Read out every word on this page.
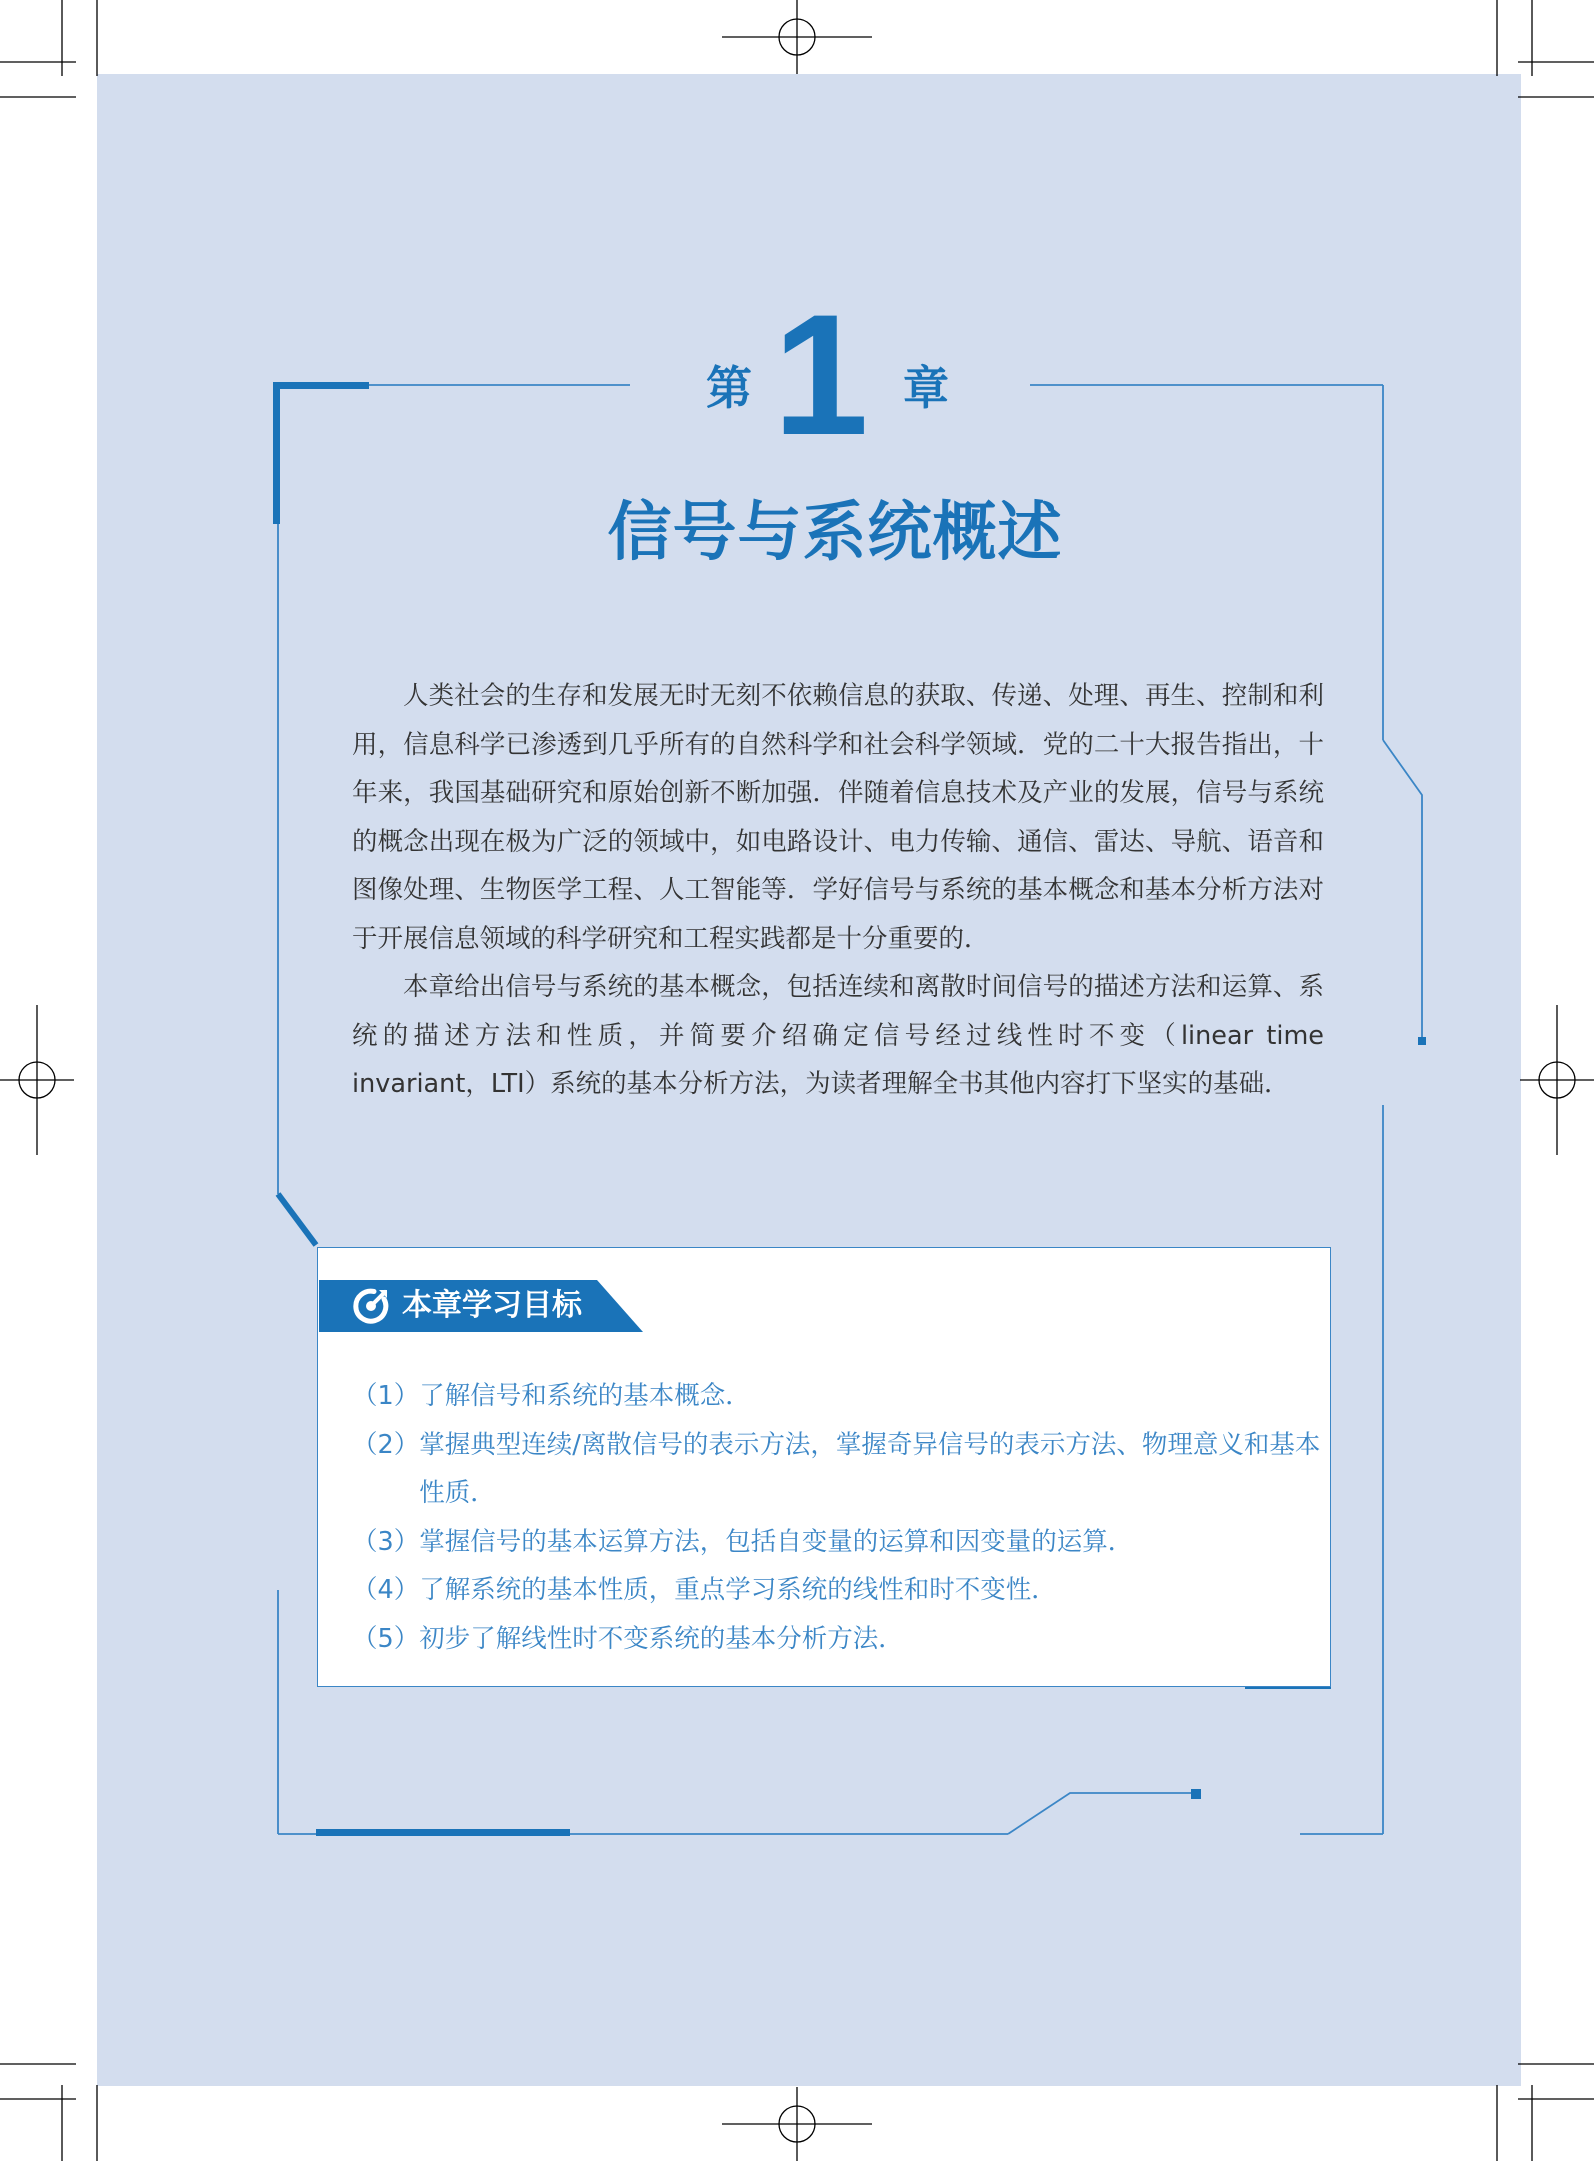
第 1 章
信号与系统概述

人类社会的生存和发展无时无刻不依赖信息的获取、传递、处理、再生、控制和利用，信息科学已渗透到几乎所有的自然科学和社会科学领域．党的二十大报告指出，十年来，我国基础研究和原始创新不断加强．伴随着信息技术及产业的发展，信号与系统的概念出现在极为广泛的领域中，如电路设计、电力传输、通信、雷达、导航、语音和图像处理、生物医学工程、人工智能等．学好信号与系统的基本概念和基本分析方法对于开展信息领域的科学研究和工程实践都是十分重要的．

本章给出信号与系统的基本概念，包括连续和离散时间信号的描述方法和运算、系统的描述方法和性质，并简要介绍确定信号经过线性时不变（linear time invariant，LTI）系统的基本分析方法，为读者理解全书其他内容打下坚实的基础．

本章学习目标
（1） 了解信号和系统的基本概念．
（2） 掌握典型连续/离散信号的表示方法，掌握奇异信号的表示方法、物理意义和基本性质．
（3） 掌握信号的基本运算方法，包括自变量的运算和因变量的运算．
（4） 了解系统的基本性质，重点学习系统的线性和时不变性．
（5） 初步了解线性时不变系统的基本分析方法．
